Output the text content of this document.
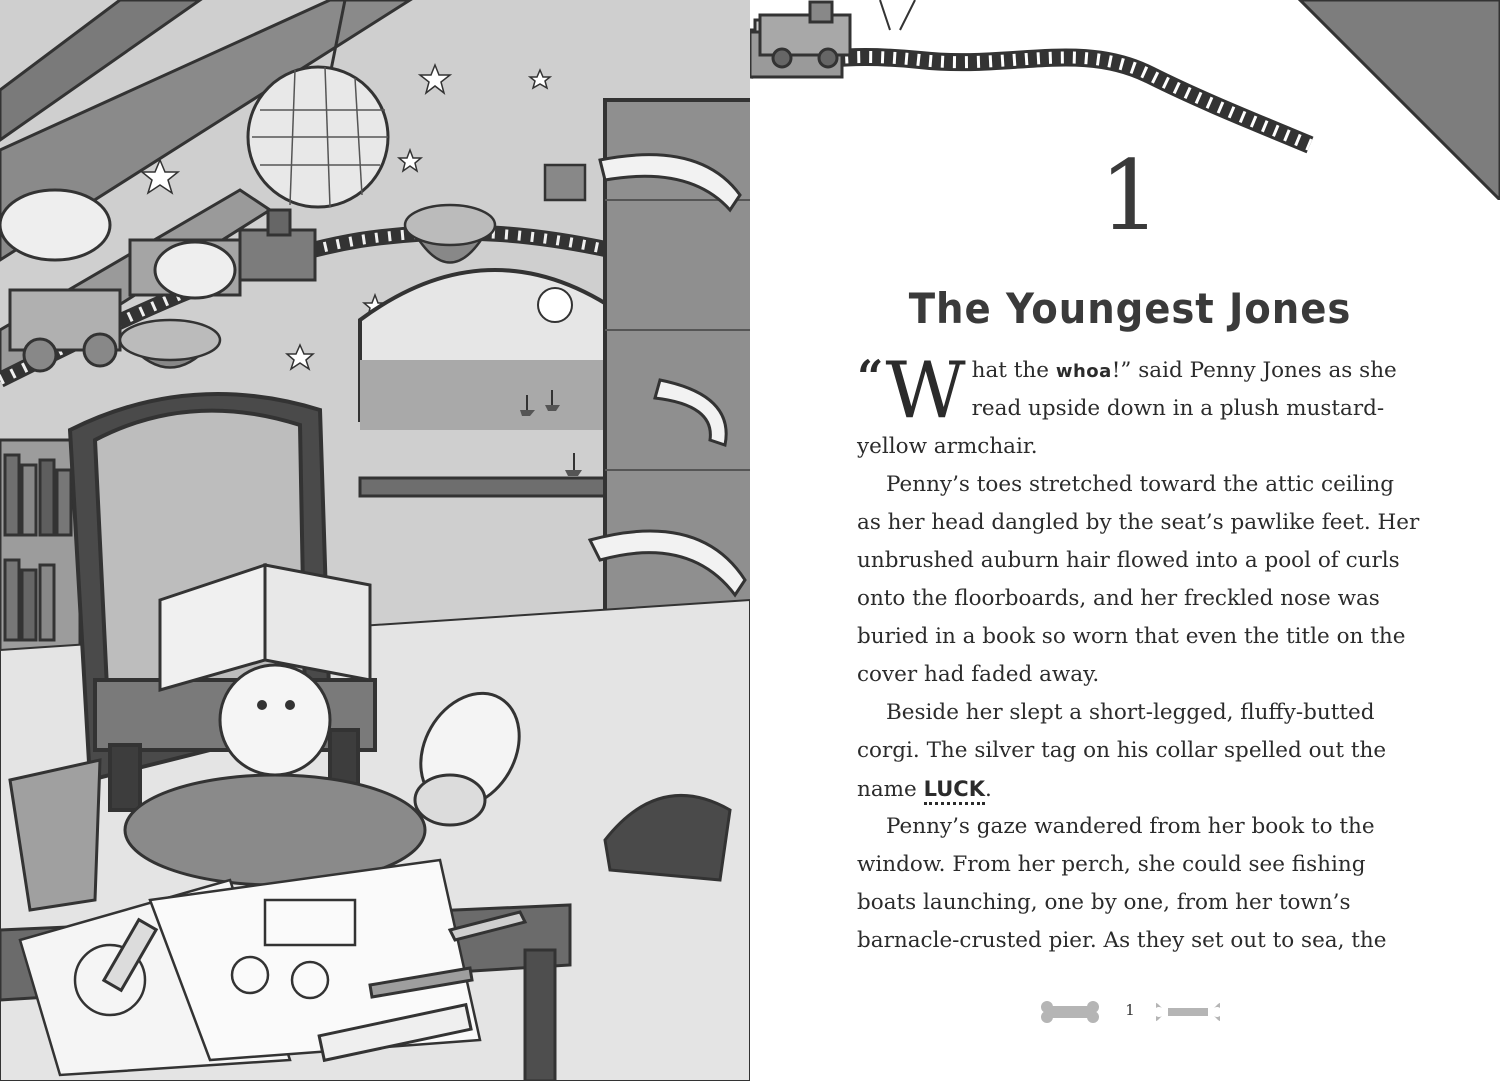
1
The Youngest Jones
“ W hat the whoa!” said Penny Jones as she
read upside down in a plush mustard-
yellow armchair.
Penny’s toes stretched toward the attic ceiling
as her head dangled by the seat’s pawlike feet. Her
unbrushed auburn hair flowed into a pool of curls
onto the floorboards, and her freckled nose was
buried in a book so worn that even the title on the
cover had faded away.
Beside her slept a short-legged, fluffy-butted
corgi. The silver tag on his collar spelled out the
name LUCK.
Penny’s gaze wandered from her book to the
window. From her perch, she could see fishing
boats launching, one by one, from her town’s
barnacle-crusted pier. As they set out to sea, the
1
